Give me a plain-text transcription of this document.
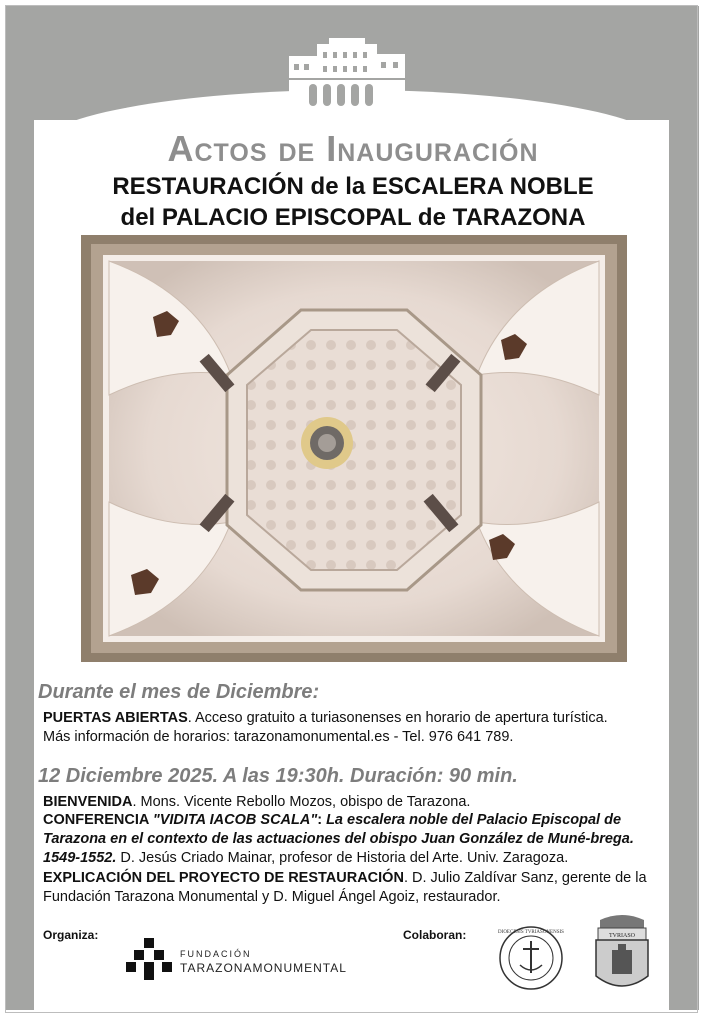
Actos de Inauguración
RESTAURACIÓN de la ESCALERA NOBLE
del PALACIO EPISCOPAL de TARAZONA
Durante el mes de Diciembre:
PUERTAS ABIERTAS. Acceso gratuito a turiasonenses en horario de apertura turística.
Más información de horarios: tarazonamonumental.es - Tel. 976 641 789.
12 Diciembre 2025. A las 19:30h. Duración: 90 min.
BIENVENIDA. Mons. Vicente Rebollo Mozos, obispo de Tarazona.
CONFERENCIA "VIDITA IACOB SCALA": La escalera noble del Palacio Episcopal de Tarazona en el contexto de las actuaciones del obispo Juan González de Muné-brega. 1549-1552. D. Jesús Criado Mainar, profesor de Historia del Arte. Univ. Zaragoza.
EXPLICACIÓN DEL PROYECTO DE RESTAURACIÓN. D. Julio Zaldívar Sanz, gerente de la Fundación Tarazona Monumental y D. Miguel Ángel Agoiz, restaurador.
Organiza:	Colaboran:
FUNDACIÓN
TARAZONAMONUMENTAL
DIOECESIS TVRIASONENSIS
TVRIASO
